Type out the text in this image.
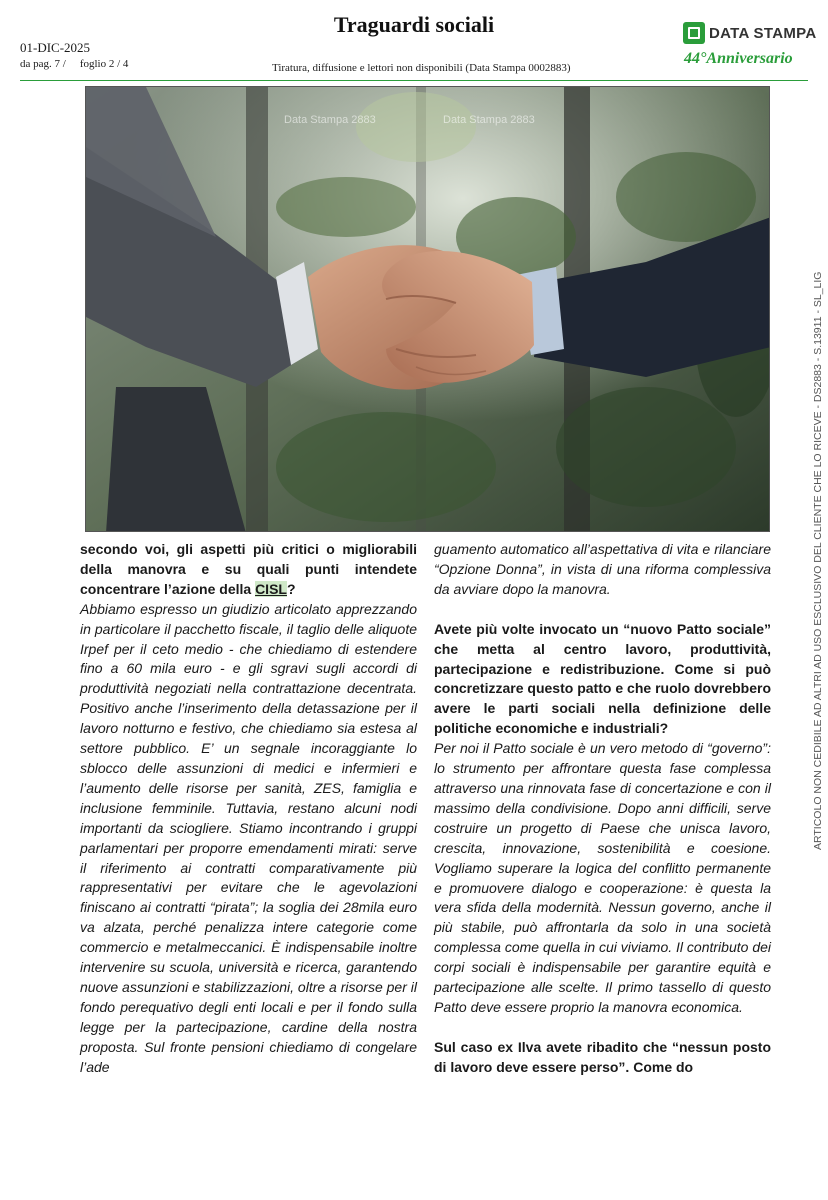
Traguardi sociali
01-DIC-2025
da pag. 7 / foglio 2 / 4	Tiratura, diffusione e lettori non disponibili (Data Stampa 0002883)
DATA STAMPA
44°Anniversario
Data Stampa 2883	Data Stampa 2883

secondo voi, gli aspetti più critici o migliorabili della manovra e su quali punti intendete concentrare l’azione della CISL?

Abbiamo espresso un giudizio articolato apprezzando in particolare il pacchetto fiscale, il taglio delle aliquote Irpef per il ceto medio - che chiediamo di estendere fino a 60 mila euro - e gli sgravi sugli accordi di produttività negoziati nella contrattazione decentrata. Positivo anche l’inserimento della detassazione per il lavoro notturno e festivo, che chiediamo sia estesa al settore pubblico. E’ un segnale incoraggiante lo sblocco delle assunzioni di medici e infermieri e l’aumento delle risorse per sanità, ZES, famiglia e inclusione femminile. Tuttavia, restano alcuni nodi importanti da sciogliere. Stiamo incontrando i gruppi parlamentari per proporre emendamenti mirati: serve il riferimento ai contratti comparativamente più rappresentativi per evitare che le agevolazioni finiscano ai contratti “pirata”; la soglia dei 28mila euro va alzata, perché penalizza intere categorie come commercio e metalmeccanici. È indispensabile inoltre intervenire su scuola, università e ricerca, garantendo nuove assunzioni e stabilizzazioni, oltre a risorse per il fondo perequativo degli enti locali e per il fondo sulla legge per la partecipazione, cardine della nostra proposta. Sul fronte pensioni chiediamo di congelare l’ade

guamento automatico all’aspettativa di vita e rilanciare “Opzione Donna”, in vista di una riforma complessiva da avviare dopo la manovra.

Avete più volte invocato un “nuovo Patto sociale” che metta al centro lavoro, produttività, partecipazione e redistribuzione. Come si può concretizzare questo patto e che ruolo dovrebbero avere le parti sociali nella definizione delle politiche economiche e industriali?

Per noi il Patto sociale è un vero metodo di “governo”: lo strumento per affrontare questa fase complessa attraverso una rinnovata fase di concertazione e con il massimo della condivisione. Dopo anni difficili, serve costruire un progetto di Paese che unisca lavoro, crescita, innovazione, sostenibilità e coesione. Vogliamo superare la logica del conflitto permanente e promuovere dialogo e cooperazione: è questa la vera sfida della modernità. Nessun governo, anche il più stabile, può affrontarla da solo in una società complessa come quella in cui viviamo. Il contributo dei corpi sociali è indispensabile per garantire equità e partecipazione alle scelte. Il primo tassello di questo Patto deve essere proprio la manovra economica.

Sul caso ex Ilva avete ribadito che “nessun posto di lavoro deve essere perso”. Come do

ARTICOLO NON CEDIBILE AD ALTRI AD USO ESCLUSIVO DEL CLIENTE CHE LO RICEVE - DS2883 - S.13911 - SL_LIG
